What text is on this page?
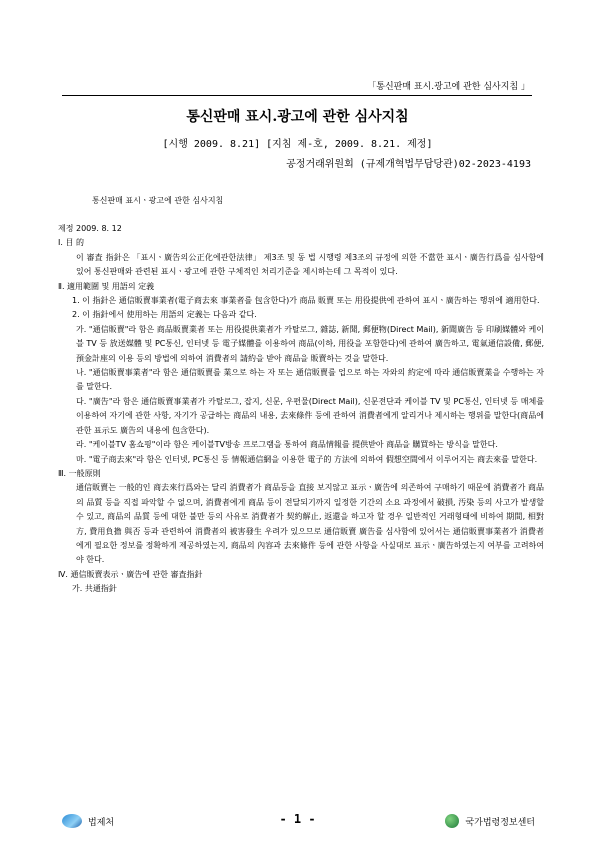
「통신판매 표시.광고에 관한 심사지침 」
통신판매 표시.광고에 관한 심사지침
[시행 2009. 8.21] [지침 제-호, 2009. 8.21. 제정]
공정거래위원회 (규제개혁법무담당관)02-2023-4193
통신판매 표시ㆍ광고에 관한 심사지침

제정 2009. 8. 12

Ⅰ. 目 的

이 審査 指針은 「표시ㆍ廣告의公正化에관한法律」 제3조 및 동 법 시행령 제3조의 규정에 의한 不當한 표시ㆍ廣告行爲를 심사함에 있어 통신판매와 관련된 표시ㆍ광고에 관한 구체적인 처리기준을 제시하는데 그 목적이 있다.

Ⅱ. 適用範圍 및 用語의 定義

1. 이 指針은 通信販賣事業者(電子商去來 事業者를 包含한다)가 商品 販賣 또는 用役提供에 관하여 표시ㆍ廣告하는 행위에 適用한다.

2. 이 指針에서 使用하는 用語의 定義는 다음과 같다.

가. "通信販賣"라 함은 商品販賣業者 또는 用役提供業者가 카탈로그, 雜誌, 新聞, 郵便物(Direct Mail), 新聞廣告 등 印刷媒體와 케이블 TV 등 放送媒體 및 PC통신, 인터넷 등 電子媒體를 이용하여 商品(이하, 用役을 포함한다)에 관하여 廣告하고, 電氣通信設備, 郵便, 預金計座의 이용 등의 방법에 의하여 消費者의 請約을 받아 商品을 販賣하는 것을 말한다.

나. "通信販賣事業者"라 함은 通信販賣를 業으로 하는 자 또는 通信販賣를 업으로 하는 자와의 約定에 따라 通信販賣業을 수행하는 자를 말한다.

다. "廣告"라 함은 通信販賣事業者가 카탈로그, 잡지, 신문, 우편물(Direct Mail), 신문전단과 케이블 TV 및 PC통신, 인터넷 등 매체를 이용하여 자기에 관한 사항, 자기가 공급하는 商品의 내용, 去來條件 등에 관하여 消費者에게 알리거나 제시하는 행위를 말한다(商品에 관한 표示도 廣告의 내용에 包含한다).

라. "케이블TV 홈쇼핑"이라 함은 케이블TV방송 프로그램을 통하여 商品情報를 提供받아 商品을 購買하는 방식을 말한다.

마. "電子商去來"라 함은 인터넷, PC통신 등 情報通信網을 이용한 電子的 方法에 의하여 假想空間에서 이루어지는 商去來를 말한다.

Ⅲ. 一般原則

通信販賣는 一般的인 商去來行爲와는 달리 消費者가 商品등을 直接 보지않고 표示ㆍ廣告에 의존하여 구매하기 때문에 消費者가 商品의 品質 등을 직접 파악할 수 없으며, 消費者에게 商品 등이 전달되기까지 일정한 기간의 소요 과정에서 破損, 汚染 등의 사고가 발생할 수 있고, 商品의 品質 등에 대한 불만 등의 사유로 消費者가 契約解止, 返還을 하고자 할 경우 일반적인 거래형태에 비하여 期間, 相對方, 費用負擔 與否 등과 관련하여 消費者의 被害發生 우려가 있으므로 通信販賣 廣告를 심사함에 있어서는 通信販賣事業者가 消費者에게 필요한 정보를 정확하게 제공하였는지, 商品의 內容과 去來條件 등에 관한 사항을 사실대로 표示ㆍ廣告하였는지 여부를 고려하여야 한다.

Ⅳ. 通信販賣表示ㆍ廣告에 관한 審査指針

가. 共通指針

법제처	- 1 -	국가법령정보센터
